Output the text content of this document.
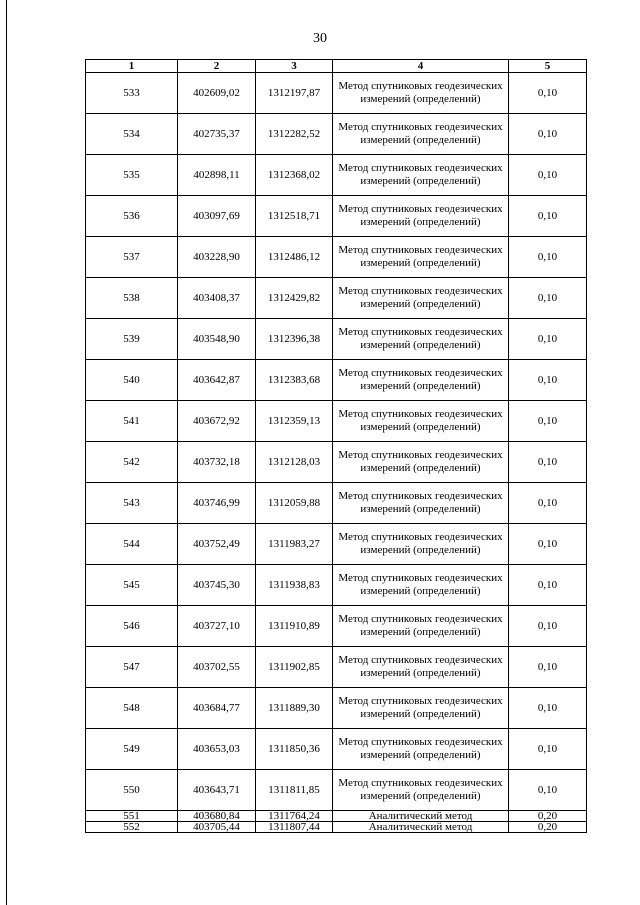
30
1	2	3	4	5
533	402609,02	1312197,87	Метод спутниковых геодезических измерений (определений)	0,10
534	402735,37	1312282,52	Метод спутниковых геодезических измерений (определений)	0,10
535	402898,11	1312368,02	Метод спутниковых геодезических измерений (определений)	0,10
536	403097,69	1312518,71	Метод спутниковых геодезических измерений (определений)	0,10
537	403228,90	1312486,12	Метод спутниковых геодезических измерений (определений)	0,10
538	403408,37	1312429,82	Метод спутниковых геодезических измерений (определений)	0,10
539	403548,90	1312396,38	Метод спутниковых геодезических измерений (определений)	0,10
540	403642,87	1312383,68	Метод спутниковых геодезических измерений (определений)	0,10
541	403672,92	1312359,13	Метод спутниковых геодезических измерений (определений)	0,10
542	403732,18	1312128,03	Метод спутниковых геодезических измерений (определений)	0,10
543	403746,99	1312059,88	Метод спутниковых геодезических измерений (определений)	0,10
544	403752,49	1311983,27	Метод спутниковых геодезических измерений (определений)	0,10
545	403745,30	1311938,83	Метод спутниковых геодезических измерений (определений)	0,10
546	403727,10	1311910,89	Метод спутниковых геодезических измерений (определений)	0,10
547	403702,55	1311902,85	Метод спутниковых геодезических измерений (определений)	0,10
548	403684,77	1311889,30	Метод спутниковых геодезических измерений (определений)	0,10
549	403653,03	1311850,36	Метод спутниковых геодезических измерений (определений)	0,10
550	403643,71	1311811,85	Метод спутниковых геодезических измерений (определений)	0,10
551	403680,84	1311764,24	Аналитический метод	0,20
552	403705,44	1311807,44	Аналитический метод	0,20
